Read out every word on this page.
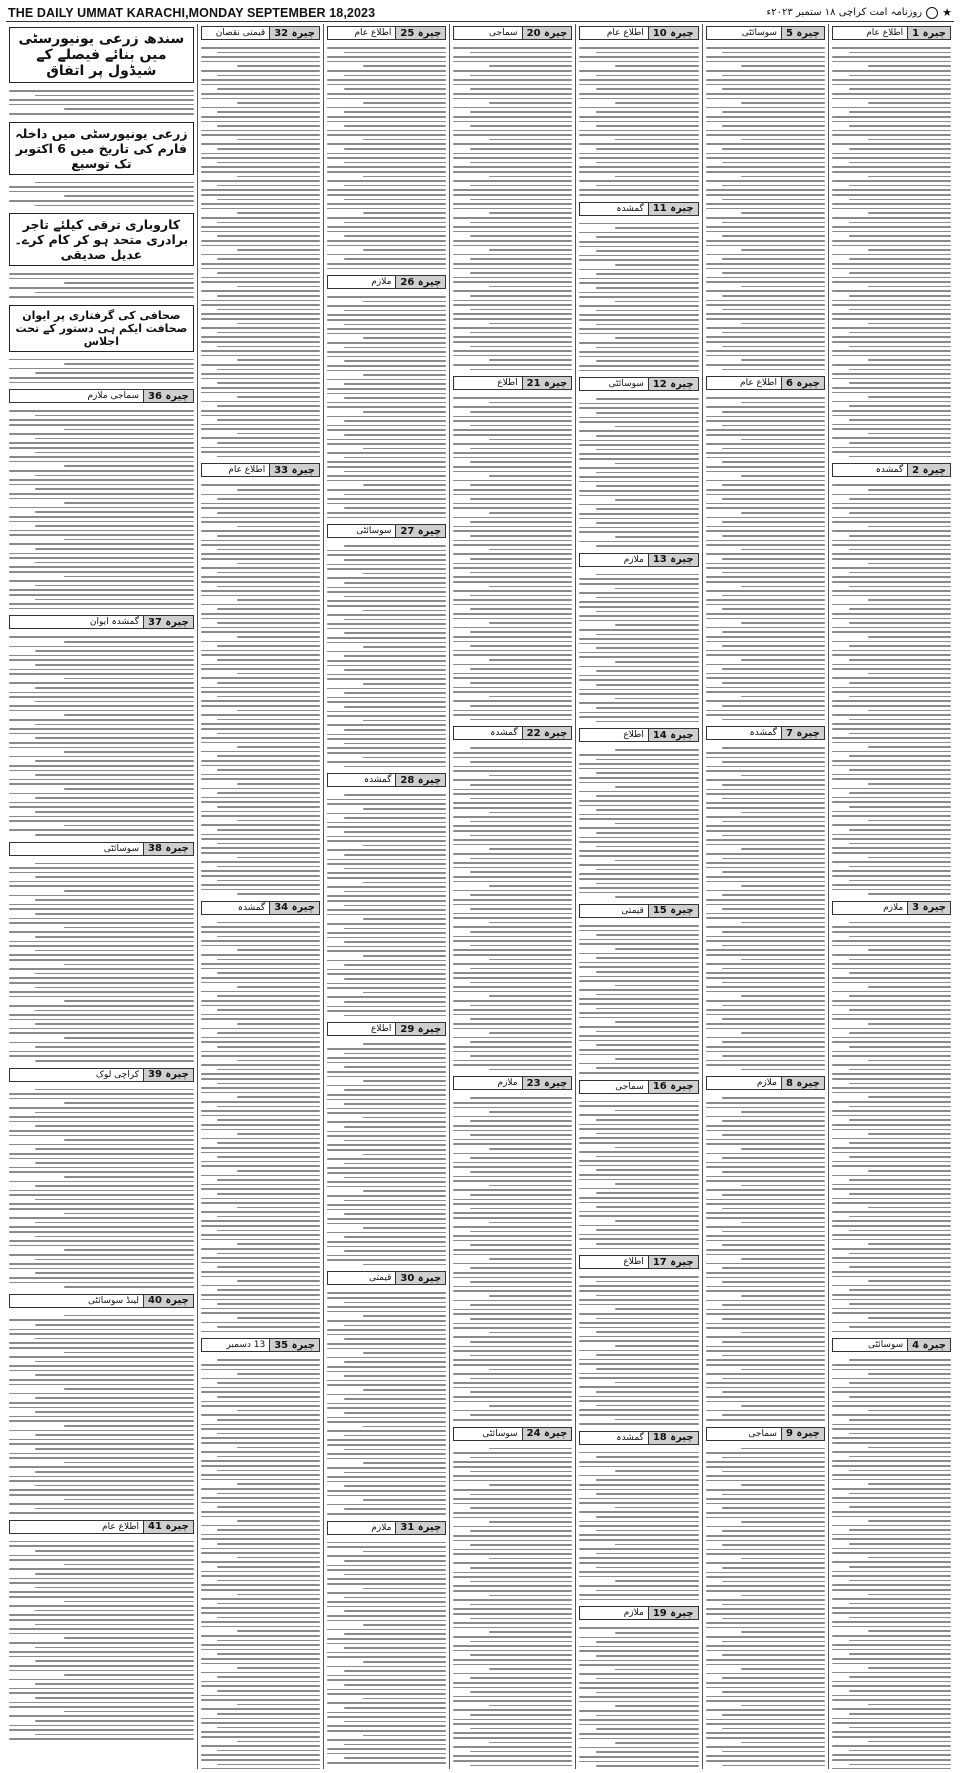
THE DAILY UMMAT KARACHI,MONDAY SEPTEMBER 18,2023	★
روزنامہ امت کراچی ۱۸ ستمبر ۲۰۲۳ء
چیرہ 1
اطلاع عام
چیرہ 2
گمشدہ
چیرہ 3
ملازم
چیرہ 4
سوسائٹی
چیرہ 5
سوسائٹی
چیرہ 6
اطلاع عام
چیرہ 7
گمشدہ
چیرہ 8
ملازم
چیرہ 9
سماجی
چیرہ 10
اطلاع عام
چیرہ 11
گمشدہ
چیرہ 12
سوسائٹی
چیرہ 13
ملازم
چیرہ 14
اطلاع
چیرہ 15
قیمتی
چیرہ 16
سماجی
چیرہ 17
اطلاع
چیرہ 18
گمشدہ
چیرہ 19
ملازم
چیرہ 20
سماجی
چیرہ 21
اطلاع
چیرہ 22
گمشدہ
چیرہ 23
ملازم
چیرہ 24
سوسائٹی
چیرہ 25
اطلاع عام
چیرہ 26
ملازم
چیرہ 27
سوسائٹی
چیرہ 28
گمشدہ
چیرہ 29
اطلاع
چیرہ 30
قیمتی
چیرہ 31
ملازم
چیرہ 32
قیمتی نقصان
چیرہ 33
اطلاع عام
چیرہ 34
گمشدہ
چیرہ 35
13 دسمبر
سندھ زرعی یونیورسٹی میں بنائے فیصلے کے شیڈول پر اتفاق
زرعی یونیورسٹی میں داخلہ فارم کی تاریخ میں 6 اکتوبر تک توسیع
کاروباری ترقی کیلئے تاجر برادری متحد ہو کر کام کرے۔ عدیل صدیقی
صحافی کی گرفتاری پر ایوان صحافت ایکم ہی دستور کے تحت اجلاس
چیرہ 36
سماجی ملازم
چیرہ 37
گمشدہ ایوان
چیرہ 38
سوسائٹی
چیرہ 39
کراچی لوک
چیرہ 40
لینڈ سوسائٹی
چیرہ 41
اطلاع عام
